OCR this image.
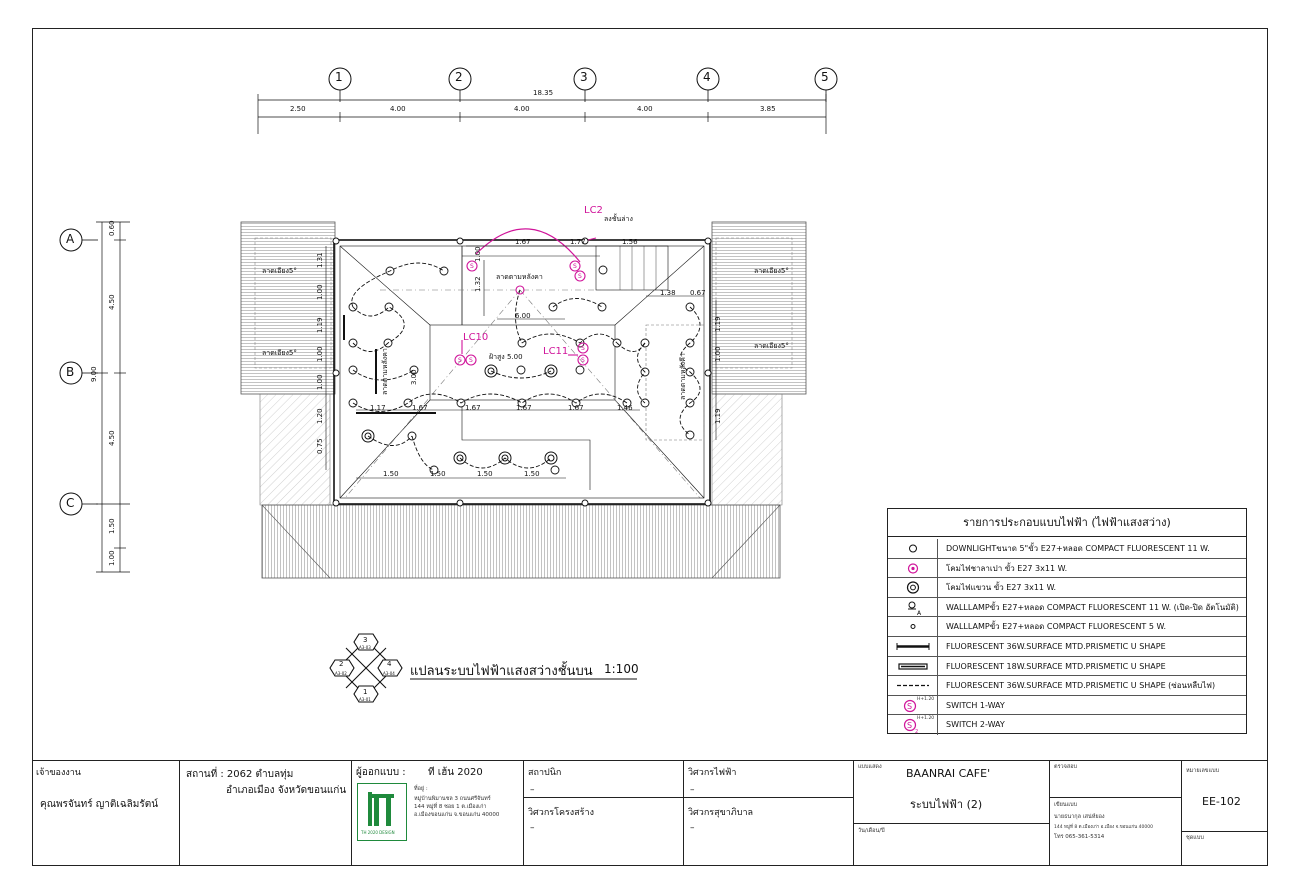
S	S
S
S S
S
S
1	2	3	4	5
18.35
2.50	4.00	4.00	4.00	3.85
A
B
C
0.60
4.50
9.00
4.50
1.50
1.00
LC2
ลงชั้นล่าง
LC10
LC11
ลาดเอียง5°
ลาดเอียง5°
ลาดเอียง5°
ลาดเอียง5°
ลาดตามหลังคา
ลาดตามหลังคา	ลาดตามหลังคา
ฝ้าสูง 5.00
1.67	1.77	1.56
6.00
1.38 0.67
1.17	1.67	1.67	1.67	1.67	1.46
1.50	1.50	1.50	1.50
1.31
1.00
1.19
1.00
1.00
1.20
0.75
1.00
1.32
3.00
1.19
1.00
1.19
3
2	4
1
A3-03
A3-02	A3-04
A3-01
แปลนระบบไฟฟ้าแสงสว่างชั้นบน 1:100
รายการประกอบแบบไฟฟ้า (ไฟฟ้าแสงสว่าง)
DOWNLIGHTขนาด 5"ขั้ว E27+หลอด COMPACT FLUORESCENT 11 W.
โคมไฟชาลาเปา ขั้ว E27 3x11 W.
โคมไฟแขวน ขั้ว E27 3x11 W.
A
WALLLAMPขั้ว E27+หลอด COMPACT FLUORESCENT 11 W. (เปิด-ปิด อัตโนมัติ)
WALLLAMPขั้ว E27+หลอด COMPACT FLUORESCENT 5 W.
FLUORESCENT 36W.SURFACE MTD.PRISMETIC U SHAPE
FLUORESCENT 18W.SURFACE MTD.PRISMETIC U SHAPE
FLUORESCENT 36W.SURFACE MTD.PRISMETIC U SHAPE (ซ่อนหลืบไฟ)
S
H+1.20
SWITCH 1-WAY
S
2
H+1.20
SWITCH 2-WAY
เจ้าของงาน
คุณพรจันทร์ ญาติเฉลิมรัตน์
สถานที่ : 2062 ตำบลทุ่ม
อำเภอเมือง จังหวัดขอนแก่น
ผู้ออกแบบ : ที เฮ้น 2020
TH 2020 DESIGN
ที่อยู่ :
หมู่บ้านพิมานชล 3 ถนนศรีจันทร์
144 หมู่ที่ 8 ซอย 1 ต.เมืองเก่า
อ.เมืองขอนแก่น จ.ขอนแก่น 40000
สถาปนิก
–
วิศวกรโครงสร้าง
–
วิศวกรไฟฟ้า
–
วิศวกรสุขาภิบาล
–
แบบแสดง BAANRAI CAFE'
ระบบไฟฟ้า (2)
วัน/เดือน/ปี
ตรวจสอบ
เขียนแบบ
นายธนากุล เสน่ห์ยอง
144 หมู่ที่ 8 ต.เมืองเก่า อ.เมือง จ.ขอนแก่น 40000
โทร 065-361-5314
หมายเลขแบบ
EE-102
ชุดแบบ
